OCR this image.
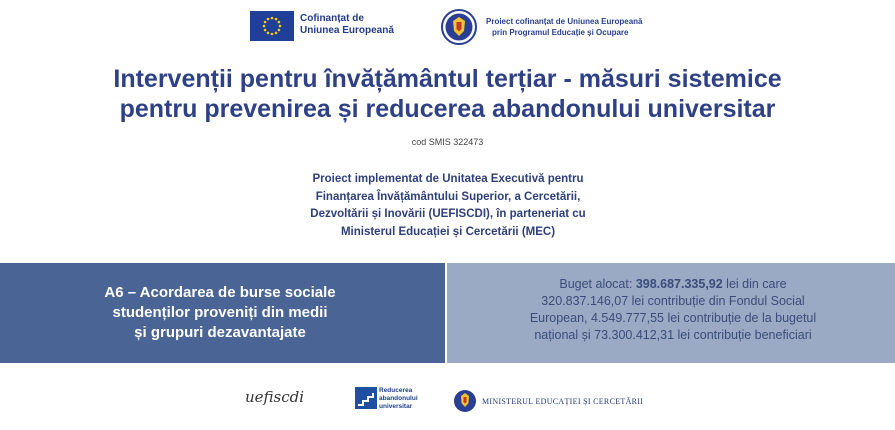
Cofinanțat de
Uniunea Europeană
Proiect cofinanțat de Uniunea Europeană
prin Programul Educație și Ocupare
Intervenții pentru învățământul terțiar - măsuri sistemice
pentru prevenirea și reducerea abandonului universitar
cod SMIS 322473
Proiect implementat de Unitatea Executivă pentru
Finanțarea Învățământului Superior, a Cercetării,
Dezvoltării și Inovării (UEFISCDI), în parteneriat cu
Ministerul Educației și Cercetării (MEC)
A6 – Acordarea de burse sociale
studenților proveniți din medii
și grupuri dezavantajate
Buget alocat: 398.687.335,92 lei din care
320.837.146,07 lei contribuție din Fondul Social
European, 4.549.777,55 lei contribuție de la bugetul
național și 73.300.412,31 lei contribuție beneficiari
uefiscdi	Reducerea
abandonului
universitar
MINISTERUL EDUCAȚIEI ȘI CERCETĂRII
